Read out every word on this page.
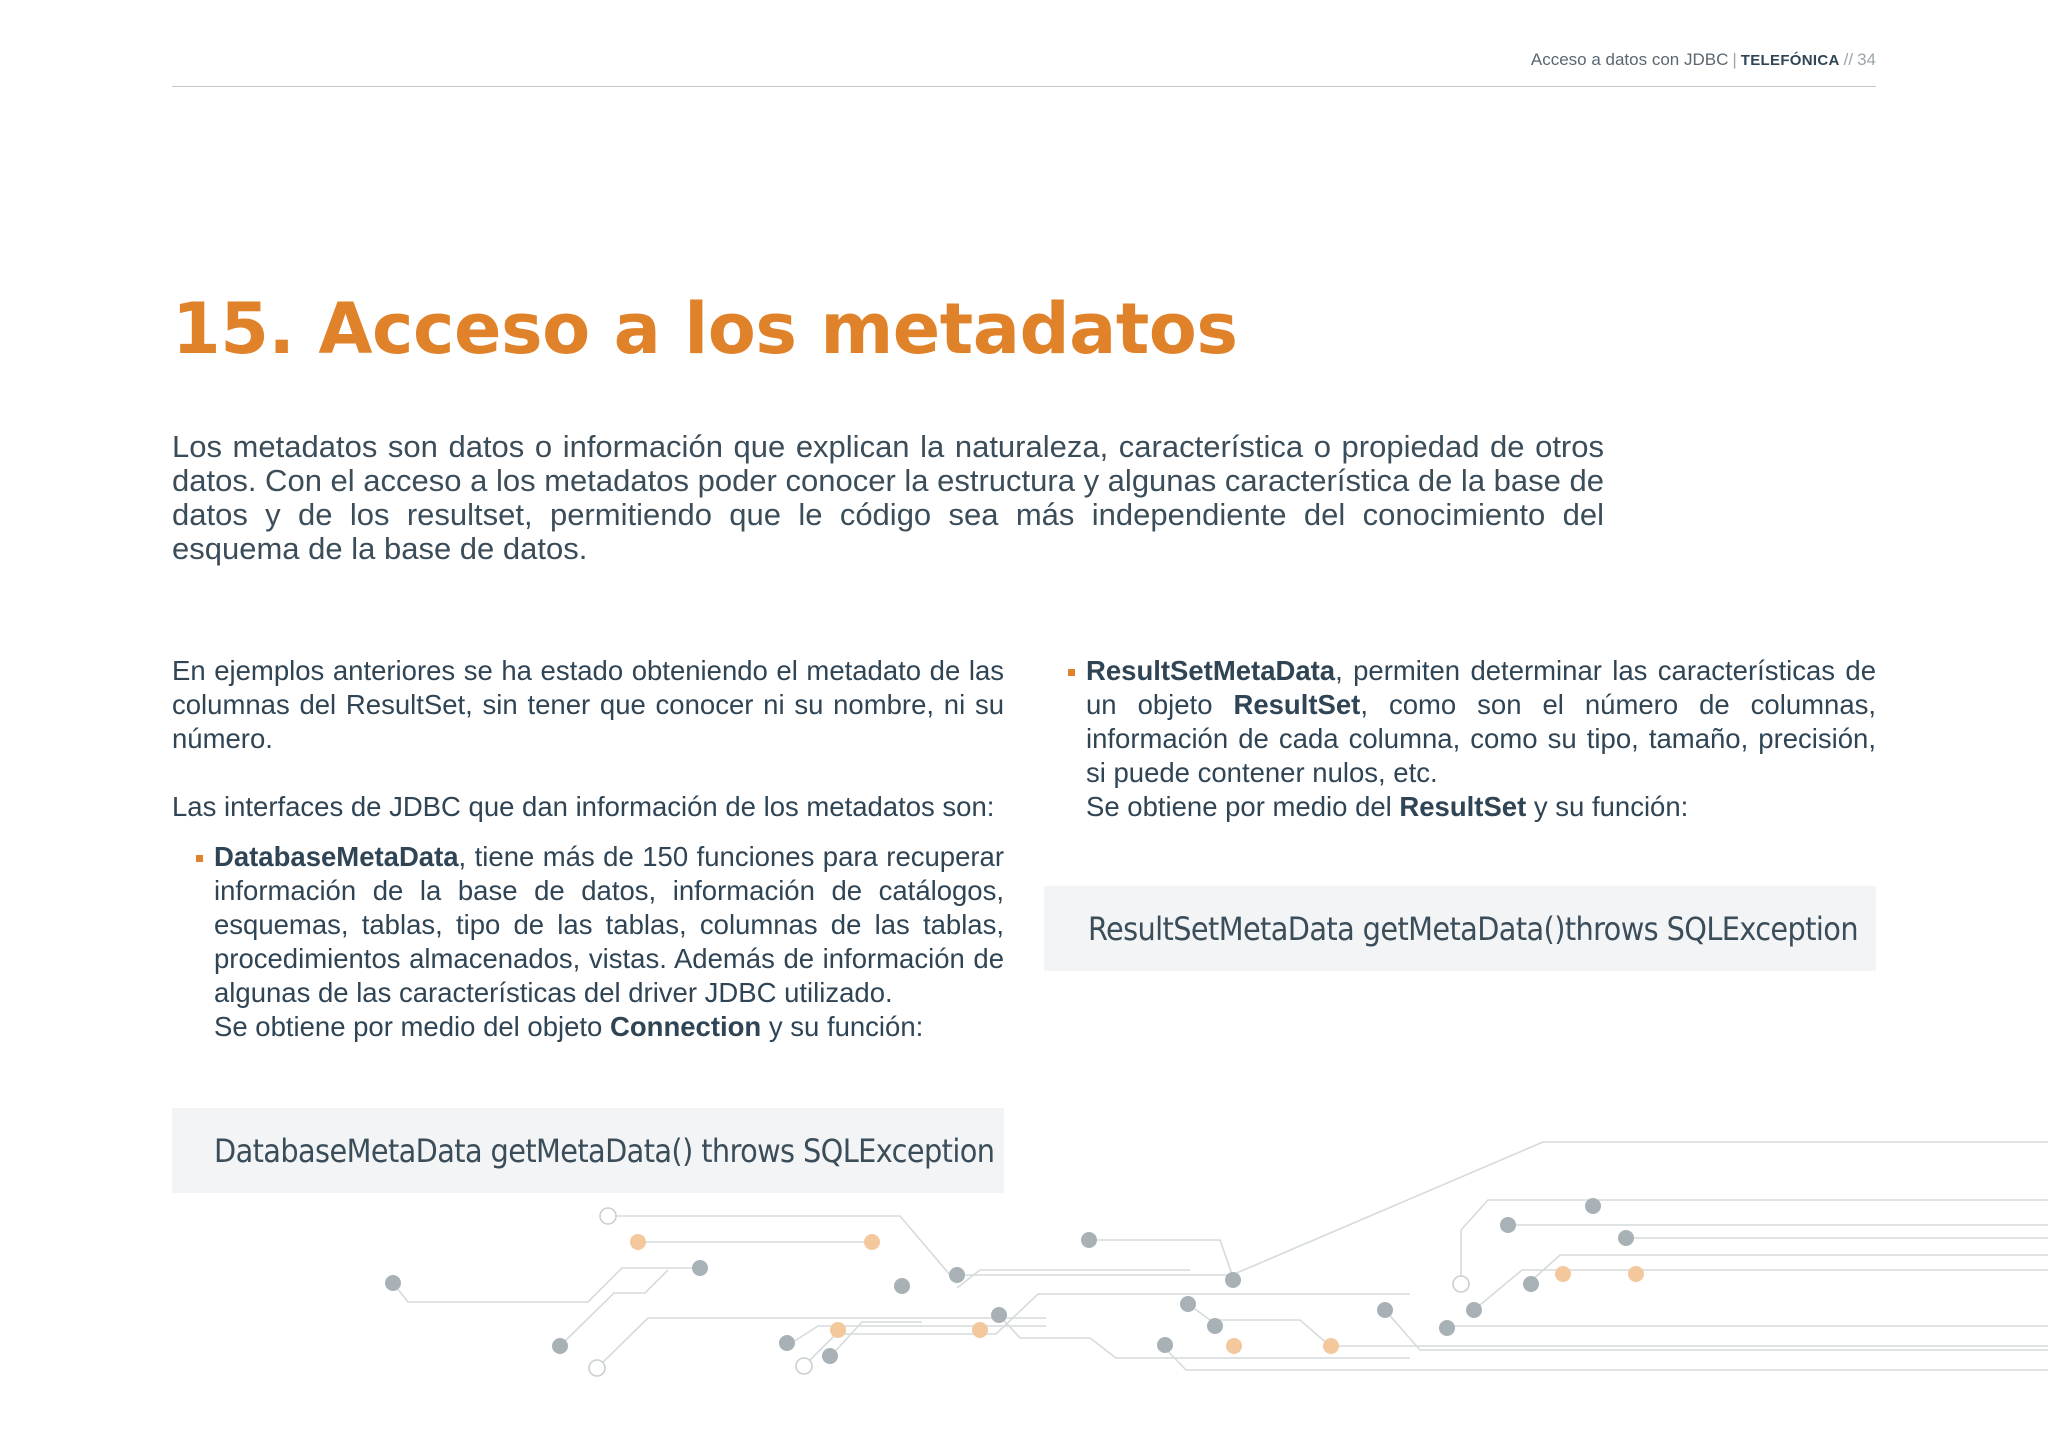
Acceso a datos con JDBC | TELEFÓNICA // 34
15. Acceso a los metadatos

Los metadatos son datos o información que explican la naturaleza, característica o propiedad de otros datos. Con el acceso a los metadatos poder conocer la estructura y algunas característica de la base de datos y de los resultset, permitiendo que le código sea más independiente del conocimiento del esquema de la base de datos.

En ejemplos anteriores se ha estado obteniendo el metadato de las columnas del ResultSet, sin tener que conocer ni su nombre, ni su número.

Las interfaces de JDBC que dan información de los metadatos son:

DatabaseMetaData, tiene más de 150 funciones para recuperar información de la base de datos, información de catálogos, esquemas, tablas, tipo de las tablas, columnas de las tablas, procedimientos almacenados, vistas. Además de información de algunas de las características del driver JDBC utilizado.

Se obtiene por medio del objeto Connection y su función:

DatabaseMetaData getMetaData() throws SQLException
ResultSetMetaData, permiten determinar las características de un objeto ResultSet, como son el número de columnas, información de cada columna, como su tipo, tamaño, precisión, si puede contener nulos, etc.

Se obtiene por medio del ResultSet y su función:

ResultSetMetaData getMetaData()throws SQLException
